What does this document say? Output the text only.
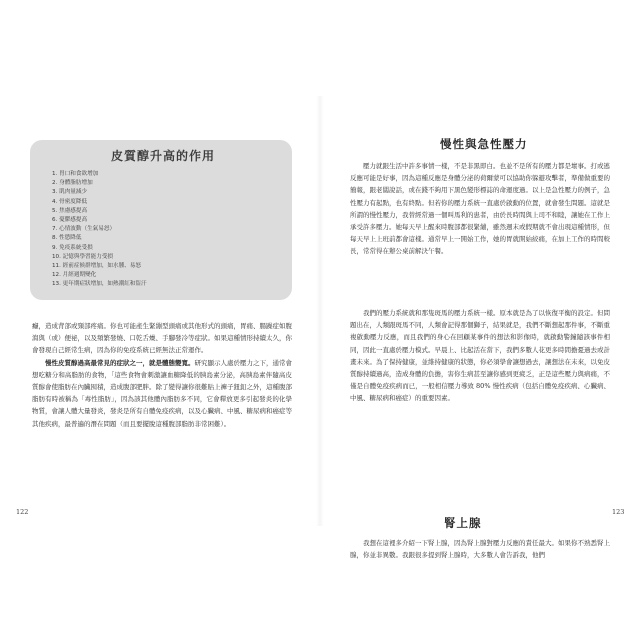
皮質醇升高的作用
1. 胃口和食欲增加
2. 身體脂肪增加
3. 肌肉量減少
4. 骨密度降低
5. 焦慮感提高
6. 憂鬱感提高
7. 心情波動（生氣易怒）
8. 性慾降低
9. 免疫系統受損
10. 記憶與學習能力受損
11. 經前症候群增加，如水腫、易怒
12. 月經週期變化
13. 更年期症狀增加，如熱潮紅和盜汗

癮，造成背部或頸部疼痛。你也可能產生緊繃型頭痛或其他形式的頭痛，胃痛、腸躁症如腹瀉與（或）便祕，以及頻繁發燒、口乾舌燥、手腳發冷等症狀。如果這種情形持續太久，你會發現自己經常生病，因為你的免疫系統已經無法正常運作。

慢性皮質醇過高最常見的症狀之一，就是體態變寬。研究顯示人處於壓力之下，通常會想吃糖分和高脂肪的食物，「這些食物會刺激讓血糖降低的胰島素分泌，高胰島素伴隨高皮質醇會使脂肪在內臟囤積，造成腹部肥胖。除了變得讓你很難貼上褲子鈕釦之外，這種腹部脂肪有時被稱為「毒性脂肪」，因為該其他體內脂肪多不同，它會釋放更多引起發炎的化學物質，會讓人體大量發炎，發炎是所有自體免疫疾病，以及心臟病、中風、糖尿病和癌症等其他疾病，最普遍的潛在問題（而且要擺脫這種腹部脂肪非常困難）。

122
慢性與急性壓力

壓力就跟生活中許多事情一樣，不是非黑即白。也並不是所有的壓力都是壞事。打或逃反應可能是好事，因為這種反應是身體分泌的荷爾蒙可以協助你躲避攻擊者，準備做重要的簡報，跟老闆說話，或在錢不夠用下黑色變形標誌的命運度過。以上是急性壓力的例子，急性壓力有起點，也有終點。但若你的壓力系統一直處於啟動的位置，就會發生問題。這就是所謂的慢性壓力，我替經常過一個叫馬利的患者，由於長時間與上司不和睦，讓她在工作上承受許多壓力。她每天早上醒來時腹部都很緊繃，雖然週末或假期就不會出現這種情形，但每天早上上班前都會這樣。通常早上一開始工作，她的胃就開始絞痛，在加上工作的時間較長，常常得在辦公桌前解決午餐。

我們的壓力系統就和那隻斑馬的壓力系統一樣。原本就是為了以恢復平衡的設定。但問題出在，人類跟斑馬不同，人類會記得那個獅子，結果就是，我們不斷想起那件事，不斷重複啟動壓力反應，而且我們的身心在回顧某事件的想法和影像時，就啟動警鐘隨該事件相同，因此一直處於壓力模式。早晨上、比起活在當下，我們多數人花更多時間擔憂過去或計畫未來。為了保持健康，並維持健康的狀態，你必須學會讓想過去，讓想法在未來，以免皮質醇持續過高，造成身體的負擔，害你生病甚至讓你感到更疲乏，正是這些壓力與病痛，不僅是自體免疫疾病而已，一般相信壓力導致 80% 慢性疾病（包括自體免疫疾病、心臟病、中風、糖尿病和癌症）的重要因素。

腎上腺

我想在這裡多介紹一下腎上腺，因為腎上腺對壓力反應的責任最大。如果你不熟悉腎上腺，你並非異數。我跟很多提到腎上腺時，大多數人會告訴我，他們

123
